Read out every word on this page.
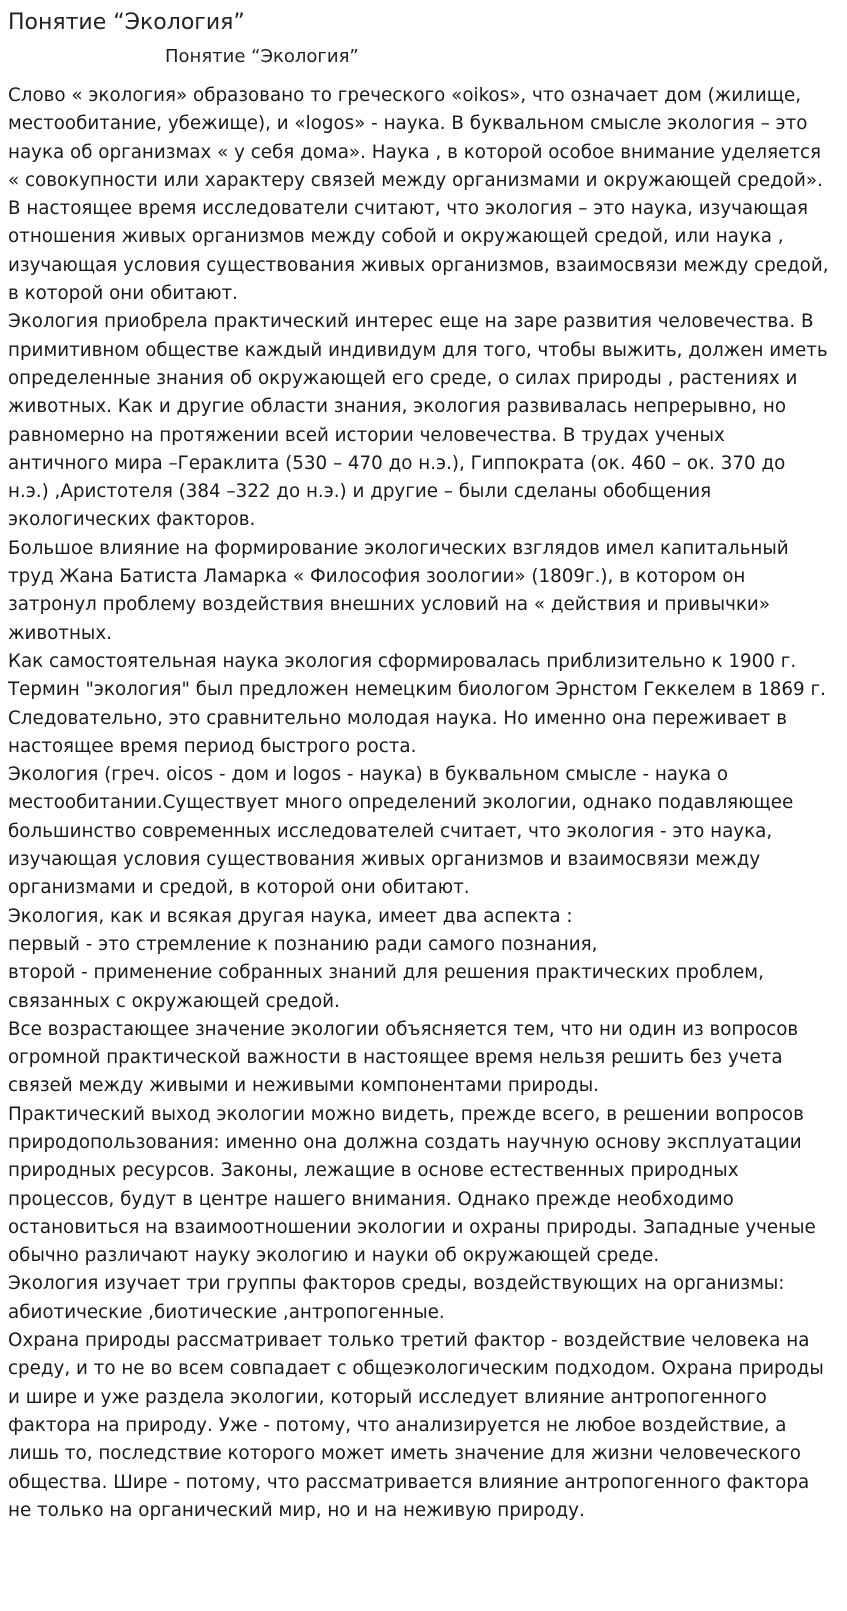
Понятие “Экология”
Понятие “Экология”

Слово « экология» образовано то греческого «oikos», что означает дом (жилище, местообитание, убежище), и «logos» - наука. В буквальном смысле экология – это наука об организмах « у себя дома». Наука , в которой особое внимание уделяется « совокупности или характеру связей между организмами и окружающей средой». В настоящее время исследователи считают, что экология – это наука, изучающая отношения живых организмов между собой и окружающей средой, или наука , изучающая условия существования живых организмов, взаимосвязи между средой, в которой они обитают.

Экология приобрела практический интерес еще на заре развития человечества. В примитивном обществе каждый индивидум для того, чтобы выжить, должен иметь определенные знания об окружающей его среде, о силах природы , растениях и животных. Как и другие области знания, экология развивалась непрерывно, но равномерно на протяжении всей истории человечества. В трудах ученых античного мира –Гераклита (530 – 470 до н.э.), Гиппократа (ок. 460 – ок. 370 до н.э.) ,Аристотеля (384 –322 до н.э.) и другие – были сделаны обобщения экологических факторов.

Большое влияние на формирование экологических взглядов имел капитальный труд Жана Батиста Ламарка « Философия зоологии» (1809г.), в котором он затронул проблему воздействия внешних условий на « действия и привычки» животных.

Как самостоятельная наука экология сформировалась приблизительно к 1900 г. Термин "экология" был предложен немецким биологом Эрнстом Геккелем в 1869 г. Следовательно, это сравнительно молодая наука. Но именно она переживает в настоящее время период быстрого роста.

Экология (греч. oicos - дом и logos - наука) в буквальном смысле - наука о местообитании.Существует много определений экологии, однако подавляющее большинство современных исследователей считает, что экология - это наука, изучающая условия существования живых организмов и взаимосвязи между организмами и средой, в которой они обитают.

Экология, как и всякая другая наука, имеет два аспекта :

первый - это стремление к познанию ради самого познания,

второй - применение собранных знаний для решения практических проблем, связанных с окружающей средой.

Все возрастающее значение экологии объясняется тем, что ни один из вопросов огромной практической важности в настоящее время нельзя решить без учета связей между живыми и неживыми компонентами природы.

Практический выход экологии можно видеть, прежде всего, в решении вопросов природопользования: именно она должна создать научную основу эксплуатации природных ресурсов. Законы, лежащие в основе естественных природных процессов, будут в центре нашего внимания. Однако прежде необходимо остановиться на взаимоотношении экологии и охраны природы. Западные ученые обычно различают науку экологию и науки об окружающей среде.

Экология изучает три группы факторов среды, воздействующих на организмы: абиотические ,биотические ,антропогенные.

Охрана природы рассматривает только третий фактор - воздействие человека на среду, и то не во всем совпадает с общеэкологическим подходом. Охрана природы и шире и уже раздела экологии, который исследует влияние антропогенного фактора на природу. Уже - потому, что анализируется не любое воздействие, а лишь то, последствие которого может иметь значение для жизни человеческого общества. Шире - потому, что рассматривается влияние антропогенного фактора не только на органический мир, но и на неживую природу.
